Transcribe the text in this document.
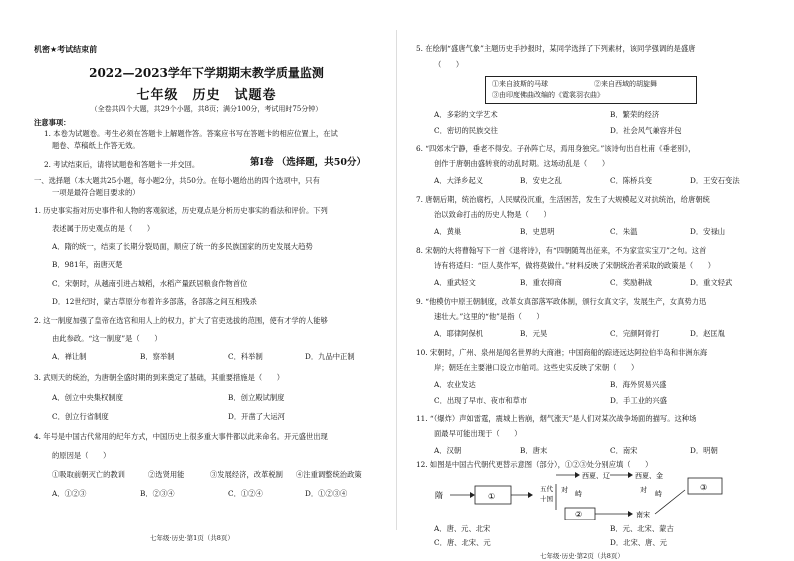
机密★考试结束前
2022—2023学年下学期期末教学质量监测
七年级　历史　试题卷
（全卷共四个大题，共29个小题，共8页；满分100分，考试用时75分钟）
注意事项：
1. 本卷为试题卷。考生必须在答题卡上解题作答。答案应书写在答题卡的相应位置上，在试
题卷、草稿纸上作答无效。
2. 考试结束后，请将试题卷和答题卡一并交回。	第Ⅰ卷 （选择题，共50分）
一、选择题（本大题共25小题，每小题2分，共50分。在每小题给出的四个选项中，只有
一项是最符合题目要求的）
1. 历史事实指对历史事件和人物的客观叙述，历史观点是分析历史事实的看法和评价。下列
表述属于历史观点的是（　　）
A．隋的统一，结束了长期分裂局面，顺应了统一的多民族国家的历史发展大趋势
B．981年，南唐灭楚
C．宋朝时，从越南引进占城稻，水稻产量跃居粮食作物首位
D．12世纪时，蒙古草原分布着许多部落，各部落之间互相残杀
2. 这一制度加强了皇帝在选官和用人上的权力，扩大了官吏选拔的范围，使有才学的人能够
由此参政。“这一制度”是（　　）
A．禅让制	B．察举制	C．科举制	D．九品中正制
3. 武则天的统治，为唐朝全盛时期的到来奠定了基础，其重要措施是（　　）
A．创立中央集权制度	B．创立殿试制度
C．创立行省制度	D．开凿了大运河
4. 年号是中国古代常用的纪年方式，中国历史上很多重大事件都以此来命名。开元盛世出现
的原因是（　　）
①吸取前朝灭亡的教训	②选贤用能	③发展经济，改革税制 ④注重调整统治政策
A．①②③	B．②③④	C．①②④	D．①②③④
七年级·历史·第1页（共8页）
5. 在绘制“盛唐气象”主题历史手抄报时，某同学选择了下列素材，该同学强调的是盛唐
（　　）
①来自波斯的马球	②来自西域的胡旋舞
③由印度佛曲改编的《霓裳羽衣曲》
A．多彩的文学艺术	B．繁荣的经济
C．密切的民族交往	D．社会风气兼容并包
6. “四郊未宁静，垂老不得安。子孙阵亡尽，焉用身独完。”该诗句出自杜甫《垂老别》，
创作于唐朝由盛转衰的动乱时期。这场动乱是（　　）
A．大泽乡起义	B．安史之乱	C．陈桥兵变	D．王安石变法
7. 唐朝后期，统治腐朽，人民赋役沉重，生活困苦，发生了大规模起义对抗统治，给唐朝统
治以致命打击的历史人物是（　　）
A．黄巢	B．史思明	C．朱温	D．安禄山
8. 宋朝的大将曹翰写下一首《退将诗》，有“四朝随驾出征来，不为家宣实宝刀”之句。这首
诗有将适归：“臣人莫作军，做将莫做什。”材料反映了宋朝统治者采取的政策是（　　）
A．重武轻文	B．重农抑商	C．奖励耕战	D．重文轻武
9. “他模仿中原王朝制度，改革女真部落军政体制，颁行女真文字，发展生产，女真势力迅
速壮大。”这里的“他”是指（　　）
A．耶律阿保机	B．元昊	C．完颜阿骨打	D．赵匡胤
10. 宋朝时，广州、泉州是闻名世界的大商港；中国商船的踪迹远达阿拉伯半岛和非洲东海
岸；朝廷在主要港口设立市舶司。这些史实反映了宋朝（　　）
A．农业发达	B．海外贸易兴盛
C．出现了早市、夜市和草市	D．手工业的兴盛
11. “（爆炸）声如雷霆，震城上皆崩，烟气涨天”是人们对某次战争场面的描写。这种场
面最早可能出现于（　　）
A．汉朝	B．唐末	C．南宋	D．明朝
12. 如图是中国古代朝代更替示意图（部分），①②③处分别应填（　　）
隋	①
五代
十国
西夏、辽
对 峙
②
西夏、金
对 峙
南宋
③
A．唐、元、北宋	B．元、北宋、蒙古
C．唐、北宋、元	D．北宋、唐、元
七年级·历史·第2页（共8页）
